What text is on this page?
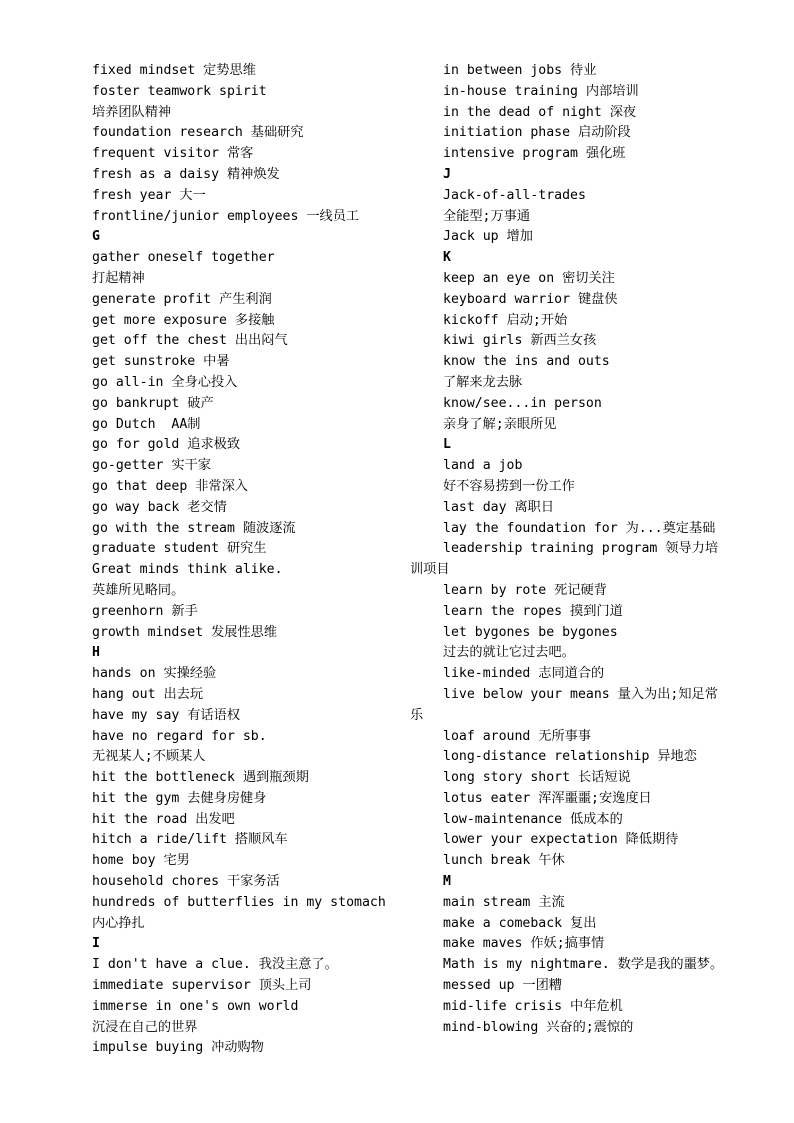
fixed mindset 定势思维
foster teamwork spirit
培养团队精神
foundation research 基础研究
frequent visitor 常客
fresh as a daisy 精神焕发
fresh year 大一
frontline/junior employees 一线员工
G
gather oneself together
打起精神
generate profit 产生利润
get more exposure 多接触
get off the chest 出出闷气
get sunstroke 中暑
go all-in 全身心投入
go bankrupt 破产
go Dutch  AA制
go for gold 追求极致
go-getter 实干家
go that deep 非常深入
go way back 老交情
go with the stream 随波逐流
graduate student 研究生
Great minds think alike.
英雄所见略同。
greenhorn 新手
growth mindset 发展性思维
H
hands on 实操经验
hang out 出去玩
have my say 有话语权
have no regard for sb.
无视某人;不顾某人
hit the bottleneck 遇到瓶颈期
hit the gym 去健身房健身
hit the road 出发吧
hitch a ride/lift 搭顺风车
home boy 宅男
household chores 干家务活
hundreds of butterflies in my stomach
内心挣扎
I
I don't have a clue. 我没主意了。
immediate supervisor 顶头上司
immerse in one's own world
沉浸在自己的世界
impulse buying 冲动购物
in between jobs 待业
in-house training 内部培训
in the dead of night 深夜
initiation phase 启动阶段
intensive program 强化班
J
Jack-of-all-trades
全能型;万事通
Jack up 增加
K
keep an eye on 密切关注
keyboard warrior 键盘侠
kickoff 启动;开始
kiwi girls 新西兰女孩
know the ins and outs
了解来龙去脉
know/see...in person
亲身了解;亲眼所见
L
land a job
好不容易捞到一份工作
last day 离职日
lay the foundation for 为...奠定基础
leadership training program 领导力培
训项目
learn by rote 死记硬背
learn the ropes 摸到门道
let bygones be bygones
过去的就让它过去吧。
like-minded 志同道合的
live below your means 量入为出;知足常
乐
loaf around 无所事事
long-distance relationship 异地恋
long story short 长话短说
lotus eater 浑浑噩噩;安逸度日
low-maintenance 低成本的
lower your expectation 降低期待
lunch break 午休
M
main stream 主流
make a comeback 复出
make maves 作妖;搞事情
Math is my nightmare. 数学是我的噩梦。
messed up 一团糟
mid-life crisis 中年危机
mind-blowing 兴奋的;震惊的
